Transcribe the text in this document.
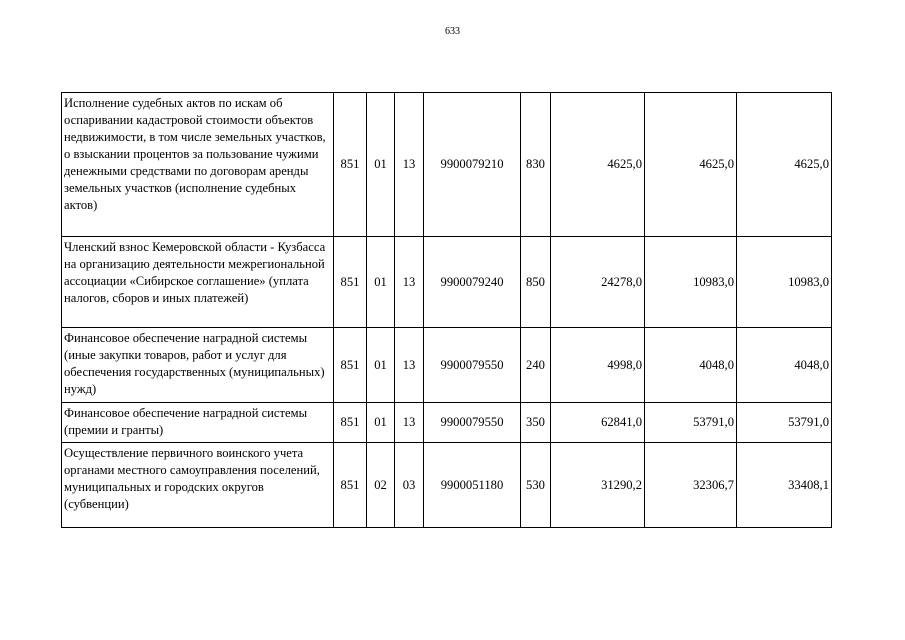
633
Исполнение судебных актов по искам об оспаривании кадастровой стоимости объектов недвижимости, в том числе земельных участков, о взыскании процентов за пользование чужими денежными средствами по договорам аренды земельных участков (исполнение судебных актов)	851	01	13	9900079210	830	4625,0	4625,0	4625,0
Членский взнос Кемеровской области - Кузбасса на организацию деятельности межрегиональной ассоциации «Сибирское соглашение» (уплата налогов, сборов и иных платежей)	851	01	13	9900079240	850	24278,0	10983,0	10983,0
Финансовое обеспечение наградной системы (иные закупки товаров, работ и услуг для обеспечения государственных (муниципальных) нужд)	851	01	13	9900079550	240	4998,0	4048,0	4048,0
Финансовое обеспечение наградной системы (премии и гранты)	851	01	13	9900079550	350	62841,0	53791,0	53791,0
Осуществление первичного воинского учета органами местного самоуправления поселений, муниципальных и городских округов (субвенции)	851	02	03	9900051180	530	31290,2	32306,7	33408,1
